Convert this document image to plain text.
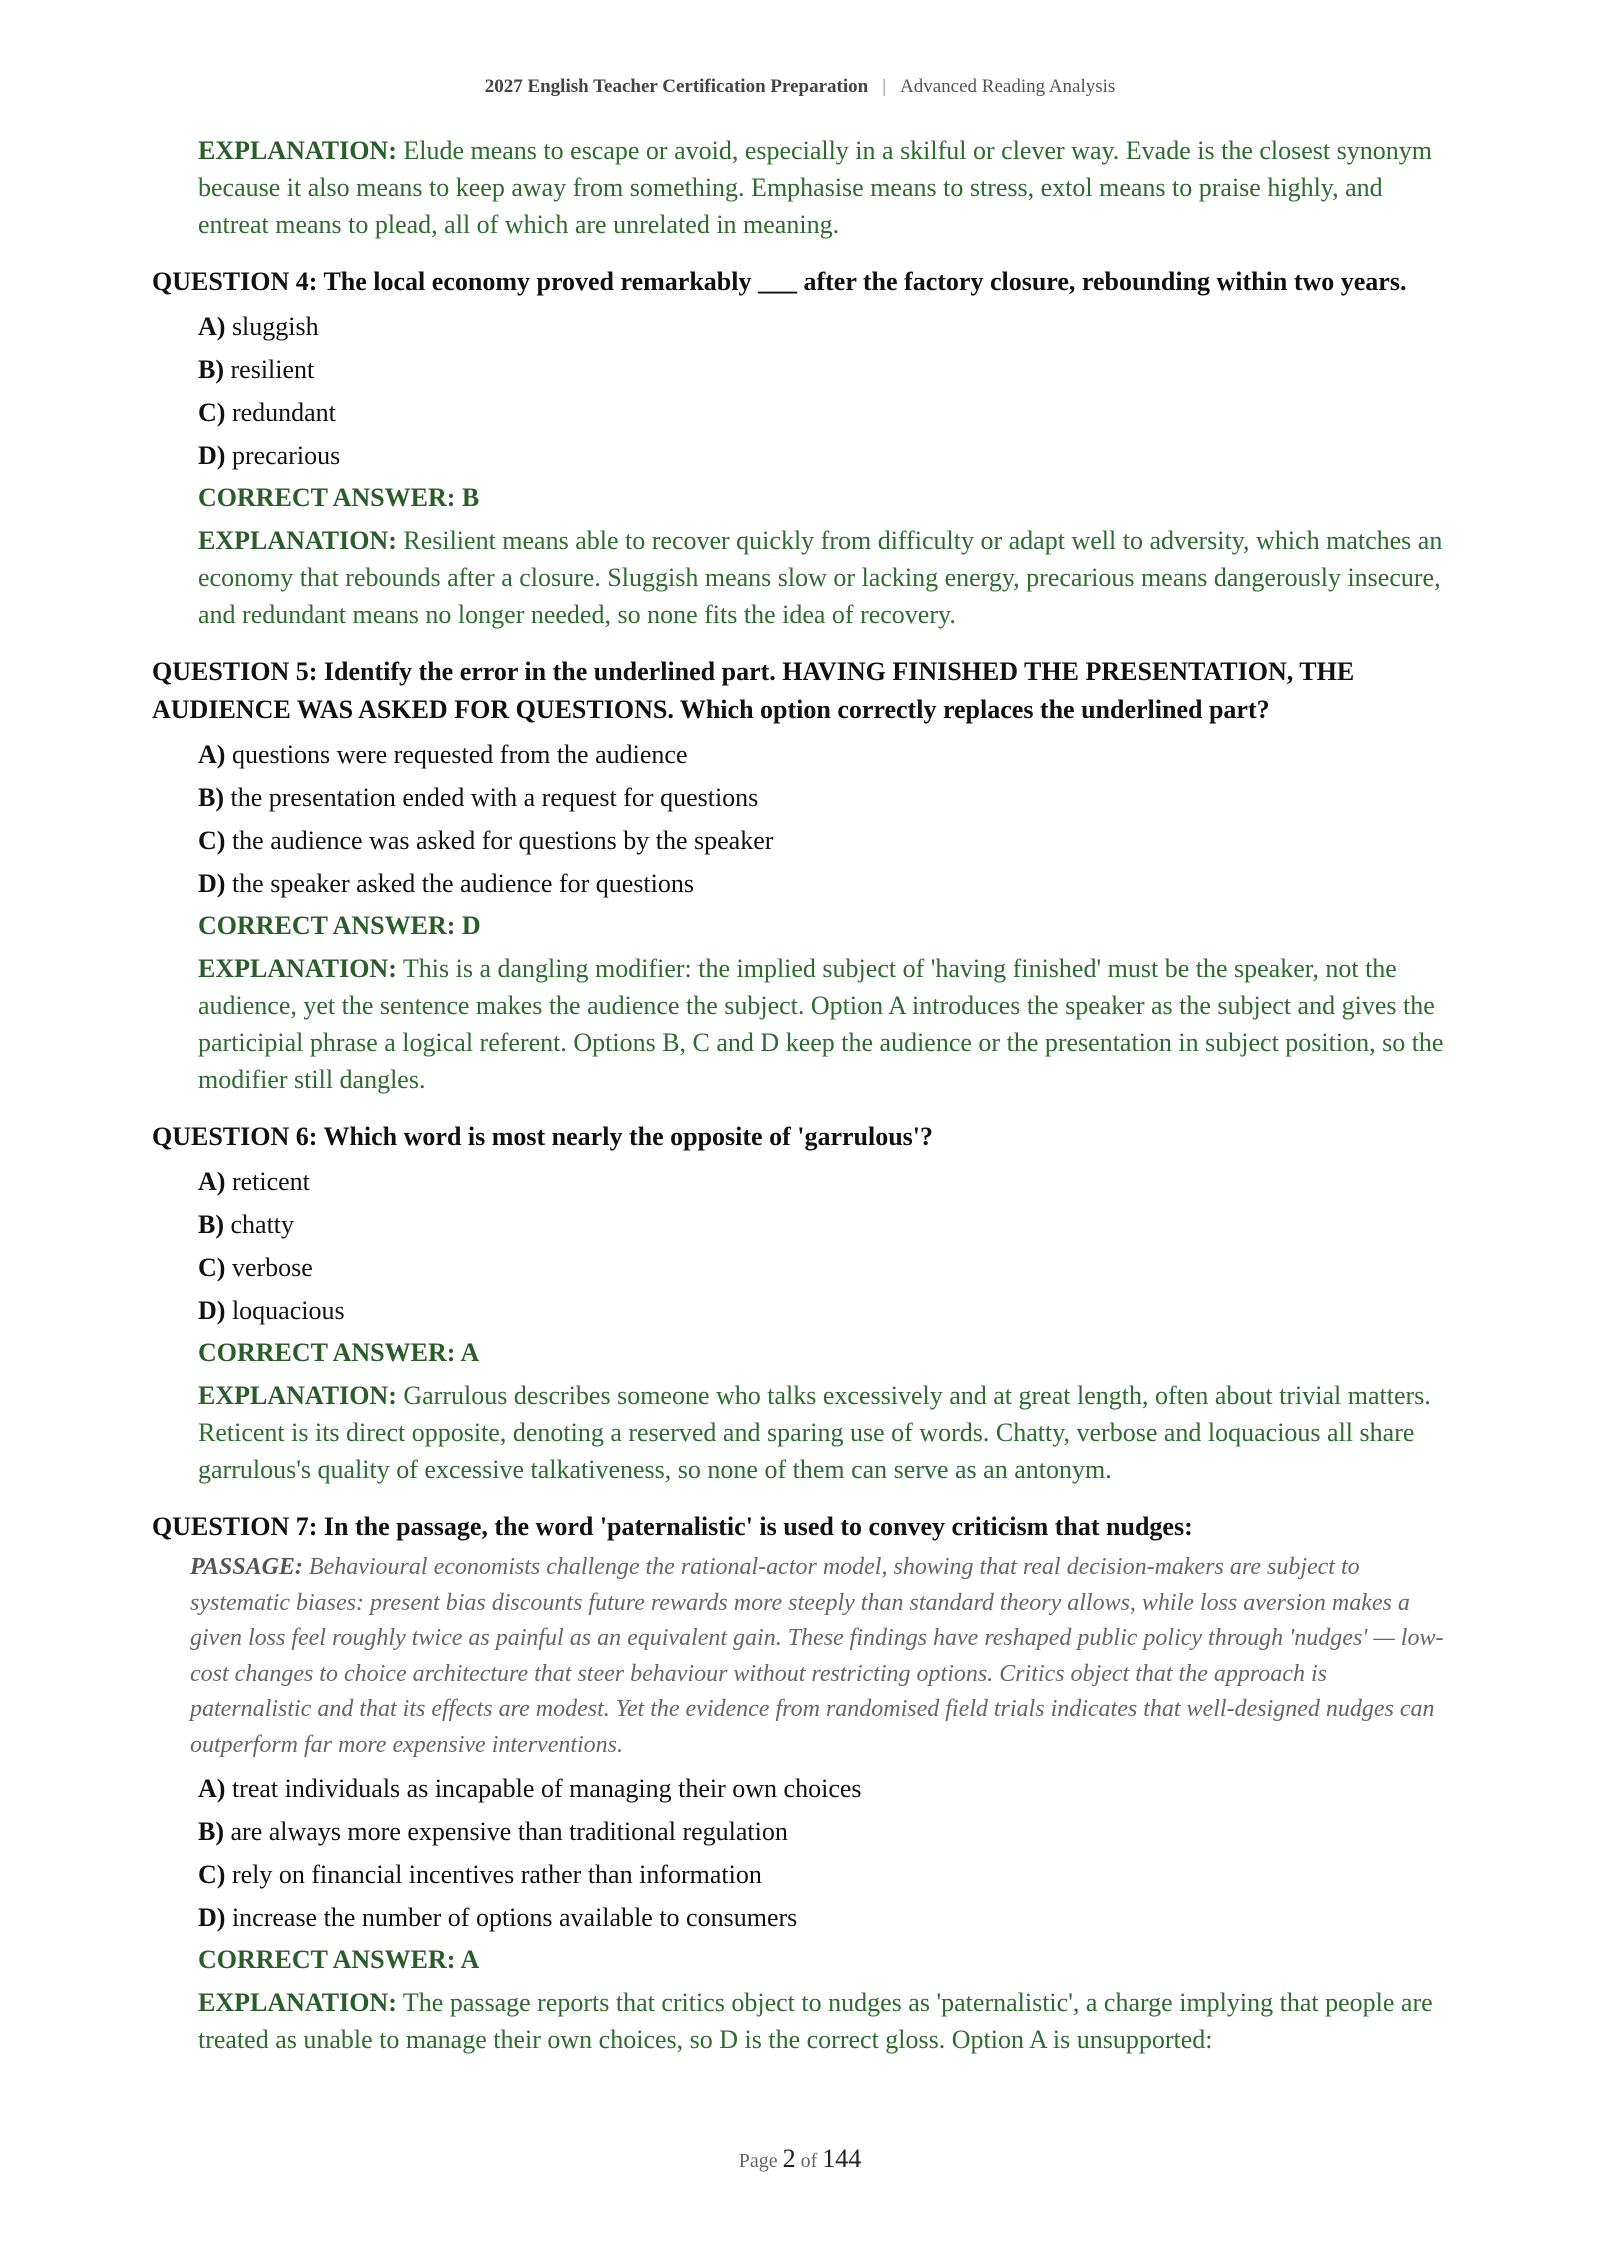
2027 English Teacher Certification Preparation | Advanced Reading Analysis

EXPLANATION: Elude means to escape or avoid, especially in a skilful or clever way. Evade is the closest synonym because it also means to keep away from something. Emphasise means to stress, extol means to praise highly, and entreat means to plead, all of which are unrelated in meaning.

QUESTION 4: The local economy proved remarkably ___ after the factory closure, rebounding within two years.

A) sluggish
B) resilient
C) redundant
D) precarious

CORRECT ANSWER: B

EXPLANATION: Resilient means able to recover quickly from difficulty or adapt well to adversity, which matches an economy that rebounds after a closure. Sluggish means slow or lacking energy, precarious means dangerously insecure, and redundant means no longer needed, so none fits the idea of recovery.

QUESTION 5: Identify the error in the underlined part. HAVING FINISHED THE PRESENTATION, THE AUDIENCE WAS ASKED FOR QUESTIONS. Which option correctly replaces the underlined part?

A) questions were requested from the audience
B) the presentation ended with a request for questions
C) the audience was asked for questions by the speaker
D) the speaker asked the audience for questions

CORRECT ANSWER: D

EXPLANATION: This is a dangling modifier: the implied subject of 'having finished' must be the speaker, not the audience, yet the sentence makes the audience the subject. Option A introduces the speaker as the subject and gives the participial phrase a logical referent. Options B, C and D keep the audience or the presentation in subject position, so the modifier still dangles.

QUESTION 6: Which word is most nearly the opposite of 'garrulous'?

A) reticent
B) chatty
C) verbose
D) loquacious

CORRECT ANSWER: A

EXPLANATION: Garrulous describes someone who talks excessively and at great length, often about trivial matters. Reticent is its direct opposite, denoting a reserved and sparing use of words. Chatty, verbose and loquacious all share garrulous's quality of excessive talkativeness, so none of them can serve as an antonym.

QUESTION 7: In the passage, the word 'paternalistic' is used to convey criticism that nudges:

PASSAGE: Behavioural economists challenge the rational-actor model, showing that real decision-makers are subject to systematic biases: present bias discounts future rewards more steeply than standard theory allows, while loss aversion makes a given loss feel roughly twice as painful as an equivalent gain. These findings have reshaped public policy through 'nudges' — low-cost changes to choice architecture that steer behaviour without restricting options. Critics object that the approach is paternalistic and that its effects are modest. Yet the evidence from randomised field trials indicates that well-designed nudges can outperform far more expensive interventions.

A) treat individuals as incapable of managing their own choices
B) are always more expensive than traditional regulation
C) rely on financial incentives rather than information
D) increase the number of options available to consumers

CORRECT ANSWER: A

EXPLANATION: The passage reports that critics object to nudges as 'paternalistic', a charge implying that people are treated as unable to manage their own choices, so D is the correct gloss. Option A is unsupported:

Page 2 of 144
